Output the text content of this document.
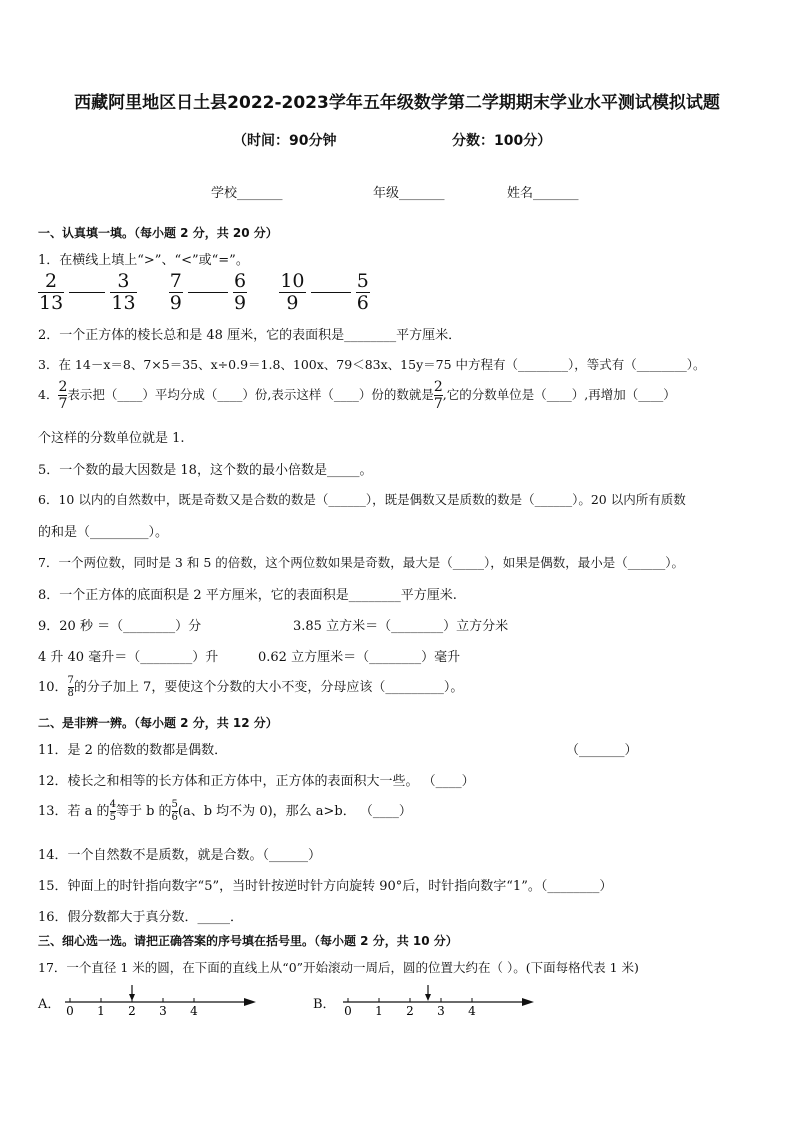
西藏阿里地区日土县2022-2023学年五年级数学第二学期期末学业水平测试模拟试题
（时间：90分钟	分数：100分）
学校_______	年级_______	姓名_______
一、认真填一填。（每小题 2 分，共 20 分）
1．在横线上填上“>”、“<”或“=”。
$\frac{2}{13}$
$\frac{3}{13}$
$\frac{7}{9}$
	$\frac{6}{9}$
$\frac{10}{9}$
	$\frac{5}{6}$
2．一个正方体的棱长总和是 48 厘米，它的表面积是________平方厘米．
3．在 14－x＝8、7×5＝35、x÷0.9＝1.8、100x、79＜83x、15y＝75 中方程有（________），等式有（________）。
4． $\frac{2}{7}$ 表示把（____）平均分成（____）份,表示这样（____）份的数就是 $\frac{2}{7}$ ,它的分数单位是（____）,再增加（____）
个这样的分数单位就是 1.
5．一个数的最大因数是 18，这个数的最小倍数是_____。
6．10 以内的自然数中，既是奇数又是合数的数是（______），既是偶数又是质数的数是（______）。20 以内所有质数
的和是（_________）。
7．一个两位数，同时是 3 和 5 的倍数，这个两位数如果是奇数，最大是（_____），如果是偶数，最小是（______）。
8．一个正方体的底面积是 2 平方厘米，它的表面积是________平方厘米.
9．20 秒 ＝（________）分	3.85 立方米＝（________）立方分米
4 升 40 毫升＝（________）升	0.62 立方厘米＝（________）毫升
10． $\frac{7}{8}$ 的分子加上 7，要使这个分数的大小不变，分母应该（_________）。
二、是非辨一辨。（每小题 2 分，共 12 分）
11．是 2 的倍数的数都是偶数．	（_______）
12．棱长之和相等的长方体和正方体中，正方体的表面积大一些。 （____）
13．若 a 的 $\frac{4}{5}$ 等于 b 的 $\frac{5}{6} (a$、b 均不为 0)，那么 a>b． （____）
14．一个自然数不是质数，就是合数。（______）
15．钟面上的时针指向数字“5”，当时针按逆时针方向旋转 90°后，时针指向数字“1”。（________）
16．假分数都大于真分数．_____．
三、细心选一选。请把正确答案的序号填在括号里。（每小题 2 分，共 10 分）
17．一个直径 1 米的圆，在下面的直线上从“0”开始滚动一周后，圆的位置大约在（ ）。(下面每格代表 1 米)
A． 0 1 2 3 4	B． 0 1 2 3 4
